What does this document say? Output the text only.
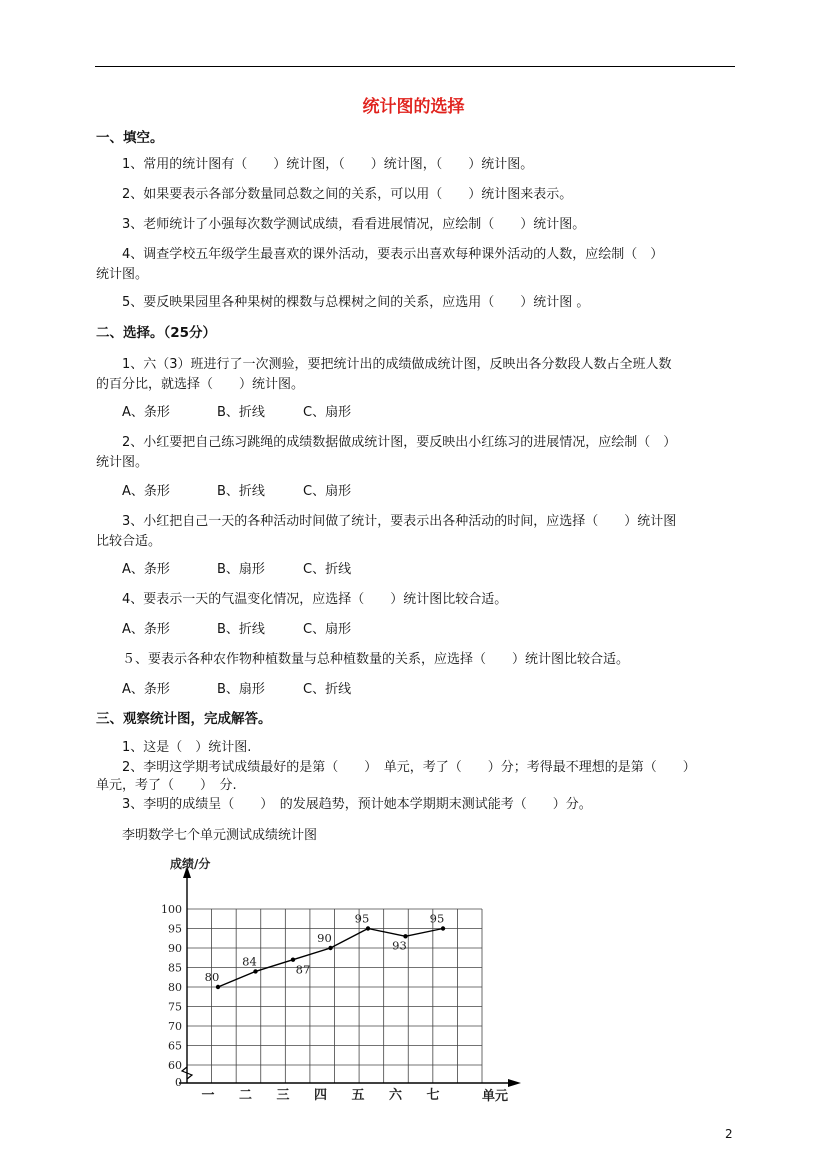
统计图的选择
一、填空。
1、常用的统计图有（　　）统计图，（　　）统计图，（　　）统计图。
2、如果要表示各部分数量同总数之间的关系，可以用（　　）统计图来表示。
3、老师统计了小强每次数学测试成绩，看看进展情况，应绘制（　　）统计图。
4、调查学校五年级学生最喜欢的课外活动，要表示出喜欢每种课外活动的人数，应绘制（　）
统计图。
5、要反映果园里各种果树的棵数与总棵树之间的关系，应选用（　　）统计图 。
二、选择。（25分）
1、六（3）班进行了一次测验，要把统计出的成绩做成统计图，反映出各分数段人数占全班人数
的百分比，就选择（　　）统计图。
A、条形	B、折线	C、扇形
2、小红要把自己练习跳绳的成绩数据做成统计图，要反映出小红练习的进展情况，应绘制（　）
统计图。
A、条形	B、折线	C、扇形
3、小红把自己一天的各种活动时间做了统计，要表示出各种活动的时间，应选择（　　）统计图
比较合适。
A、条形	B、扇形	C、折线
4、要表示一天的气温变化情况，应选择（　　）统计图比较合适。
A、条形	B、折线	C、扇形
５、要表示各种农作物种植数量与总种植数量的关系，应选择（　　）统计图比较合适。
A、条形	B、扇形	C、折线
三、观察统计图，完成解答。
1、这是（　）统计图.
2、李明这学期考试成绩最好的是第（　　）　单元，考了（　　）分；考得最不理想的是第（　　）
单元，考了（　　）　分.
3、李明的成绩呈（　　）　的发展趋势，预计她本学期期末测试能考（　　）分。
李明数学七个单元测试成绩统计图
成绩/分
0
60
65
70
75
80
85
90
95
100
一 二 三 四 五 六 七	单元
80
84
87
90
95
93
95
2
